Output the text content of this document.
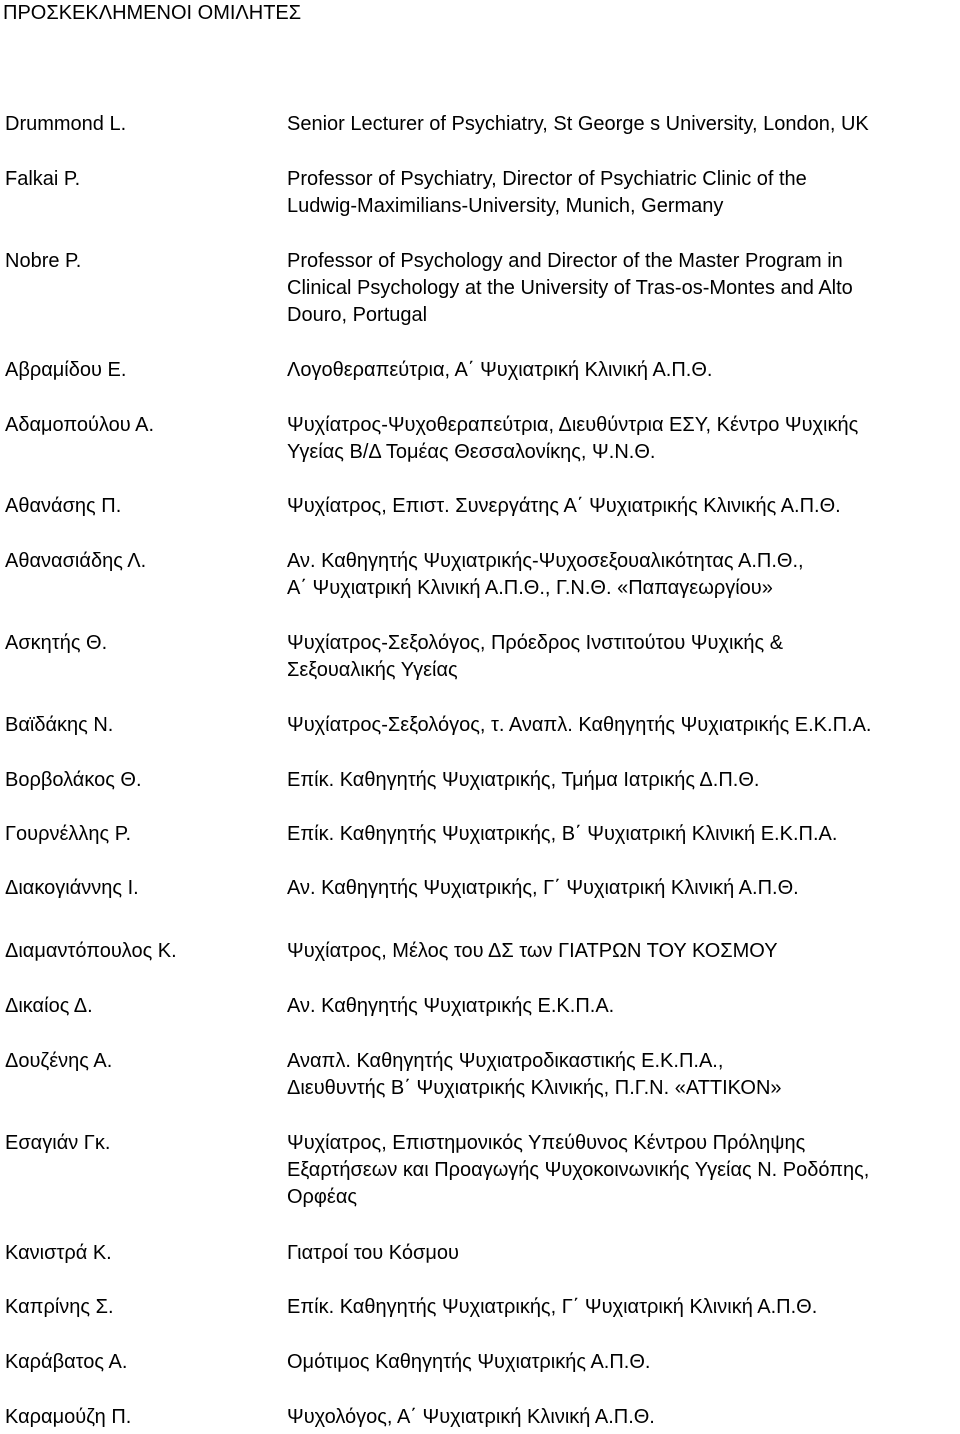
ΠΡΟΣΚΕΚΛΗΜΕΝΟΙ ΟΜΙΛΗΤΕΣ
Drummond L.	Senior Lecturer of Psychiatry, St George s University, London, UK
Falkai P.	Professor of Psychiatry, Director of Psychiatric Clinic of the
Ludwig-Maximilians-University, Munich, Germany
Nobre P.	Professor of Psychology and Director of the Master Program in
Clinical Psychology at the University of Tras-os-Montes and Alto
Douro, Portugal
Αβραμίδου Ε.	Λογοθεραπεύτρια, Α΄ Ψυχιατρική Κλινική Α.Π.Θ.
Αδαμοπούλου Α.	Ψυχίατρος-Ψυχοθεραπεύτρια, Διευθύντρια ΕΣΥ, Κέντρο Ψυχικής
Υγείας Β/Δ Τομέας Θεσσαλονίκης, Ψ.Ν.Θ.
Αθανάσης Π.	Ψυχίατρος, Επιστ. Συνεργάτης Α΄ Ψυχιατρικής Κλινικής Α.Π.Θ.
Αθανασιάδης Λ.	Αν. Καθηγητής Ψυχιατρικής-Ψυχοσεξουαλικότητας Α.Π.Θ.,
Α΄ Ψυχιατρική Κλινική Α.Π.Θ., Γ.Ν.Θ. «Παπαγεωργίου»
Ασκητής Θ.	Ψυχίατρος-Σεξολόγος, Πρόεδρος Ινστιτούτου Ψυχικής &
Σεξουαλικής Υγείας
Βαϊδάκης Ν.	Ψυχίατρος-Σεξολόγος, τ. Αναπλ. Καθηγητής Ψυχιατρικής Ε.Κ.Π.Α.
Βορβολάκος Θ.	Επίκ. Καθηγητής Ψυχιατρικής, Τμήμα Ιατρικής Δ.Π.Θ.
Γουρνέλλης Ρ.	Επίκ. Καθηγητής Ψυχιατρικής, Β΄ Ψυχιατρική Κλινική Ε.Κ.Π.Α.
Διακογιάννης Ι.	Αν. Καθηγητής Ψυχιατρικής, Γ΄ Ψυχιατρική Κλινική Α.Π.Θ.
Διαμαντόπουλος Κ.	Ψυχίατρος, Μέλος του ΔΣ των ΓΙΑΤΡΩΝ ΤΟΥ ΚΟΣΜΟΥ
Δικαίος Δ.	Αν. Καθηγητής Ψυχιατρικής Ε.Κ.Π.Α.
Δουζένης Α.	Αναπλ. Καθηγητής Ψυχιατροδικαστικής Ε.Κ.Π.Α.,
Διευθυντής Β΄ Ψυχιατρικής Κλινικής, Π.Γ.Ν. «ΑΤΤΙΚΟΝ»
Εσαγιάν Γκ.	Ψυχίατρος, Επιστημονικός Υπεύθυνος Κέντρου Πρόληψης
Εξαρτήσεων και Προαγωγής Ψυχοκοινωνικής Υγείας Ν. Ροδόπης,
Ορφέας
Κανιστρά Κ.	Γιατροί του Κόσμου
Καπρίνης Σ.	Επίκ. Καθηγητής Ψυχιατρικής, Γ΄ Ψυχιατρική Κλινική Α.Π.Θ.
Καράβατος Α.	Ομότιμος Καθηγητής Ψυχιατρικής Α.Π.Θ.
Καραμούζη Π.	Ψυχολόγος, Α΄ Ψυχιατρική Κλινική Α.Π.Θ.
